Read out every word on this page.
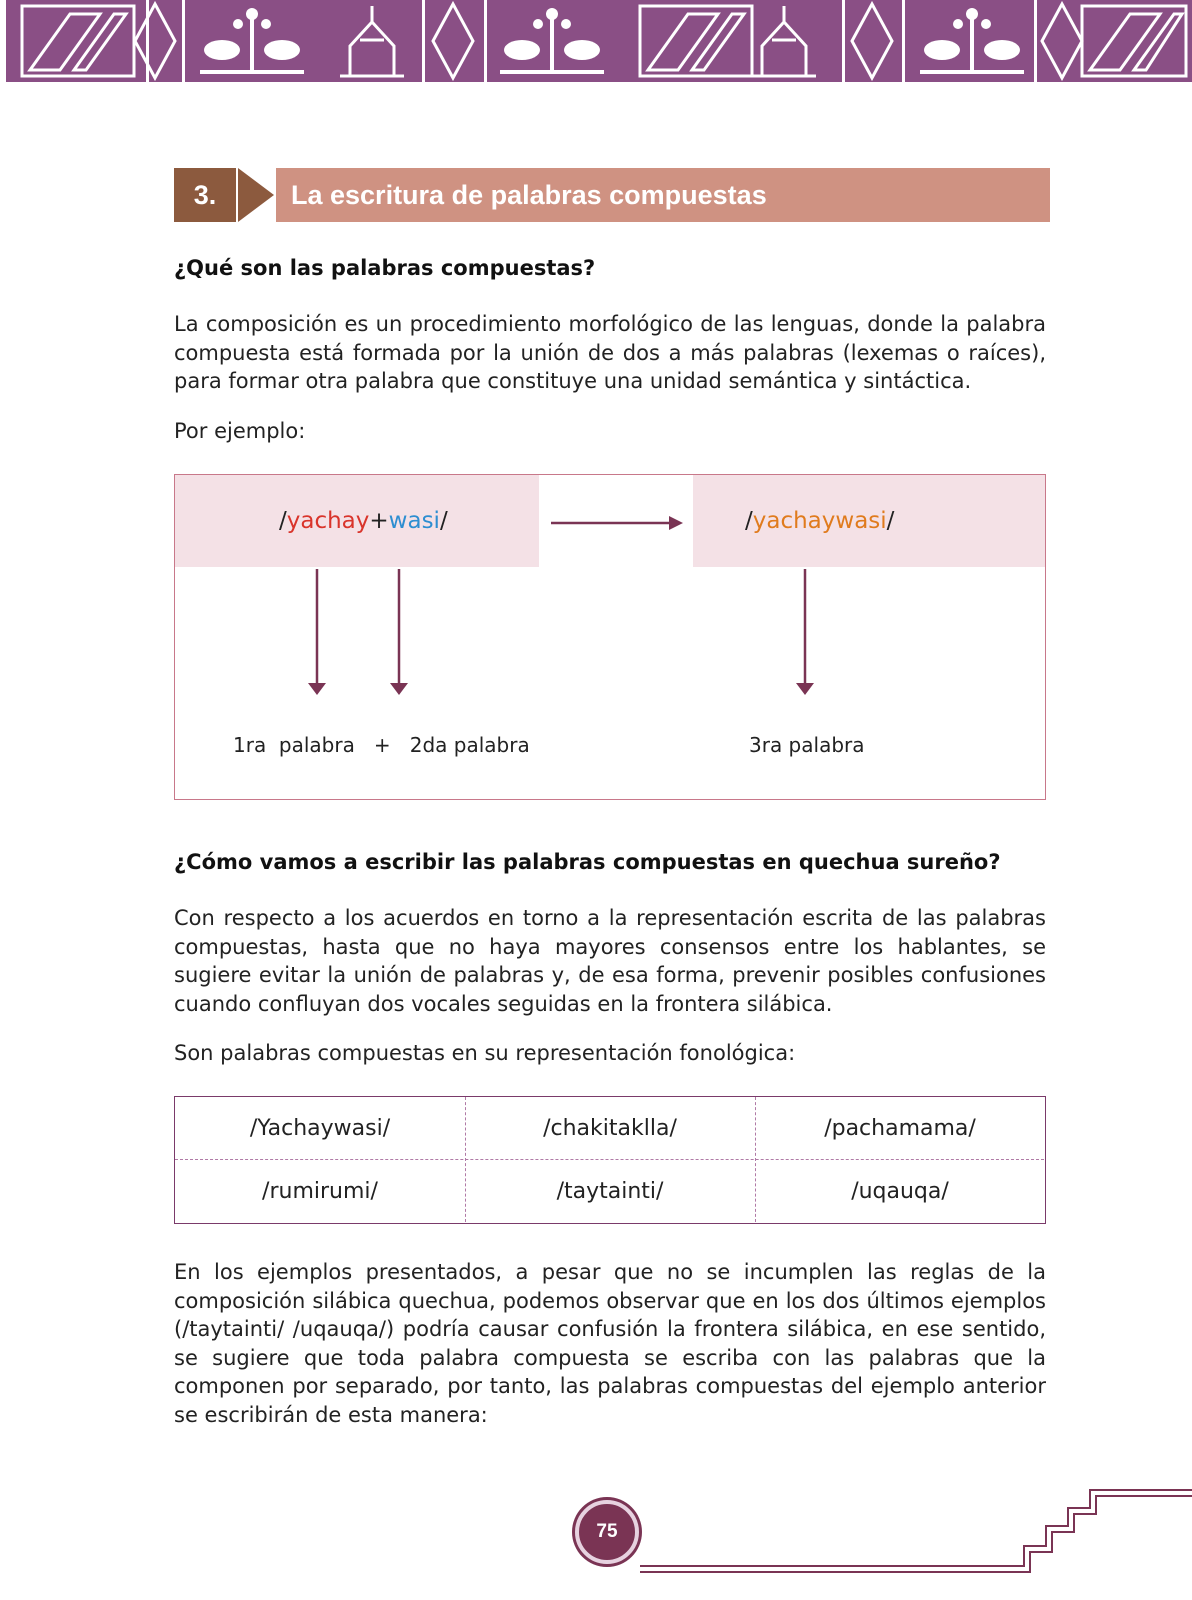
3.	La escritura de palabras compuestas
¿Qué son las palabras compuestas?
La composición es un procedimiento morfológico de las lenguas, donde la palabra compuesta está formada por la unión de dos a más palabras (lexemas o raíces), para formar otra palabra que constituye una unidad semántica y sintáctica.
Por ejemplo:
/ yachay + wasi /	/ yachaywasi /
1ra  palabra   +   2da palabra	3ra palabra
¿Cómo vamos a escribir las palabras compuestas en quechua sureño?
Con respecto a los acuerdos en torno a la representación escrita de las palabras compuestas, hasta que no haya mayores consensos entre los hablantes, se sugiere evitar la unión de palabras y, de esa forma, prevenir posibles confusiones cuando confluyan dos vocales seguidas en la frontera silábica.
Son palabras compuestas en su representación fonológica:
/Yachaywasi/	/chakitaklla/	/pachamama/
/rumirumi/	/taytainti/	/uqauqa/
En los ejemplos presentados, a pesar que no se incumplen las reglas de la composición silábica quechua, podemos observar que en los dos últimos ejemplos (/taytainti/ /uqauqa/) podría causar confusión la frontera silábica, en ese sentido, se sugiere que toda palabra compuesta se escriba con las palabras que la componen por separado, por tanto, las palabras compuestas del ejemplo anterior se escribirán de esta manera:
75
